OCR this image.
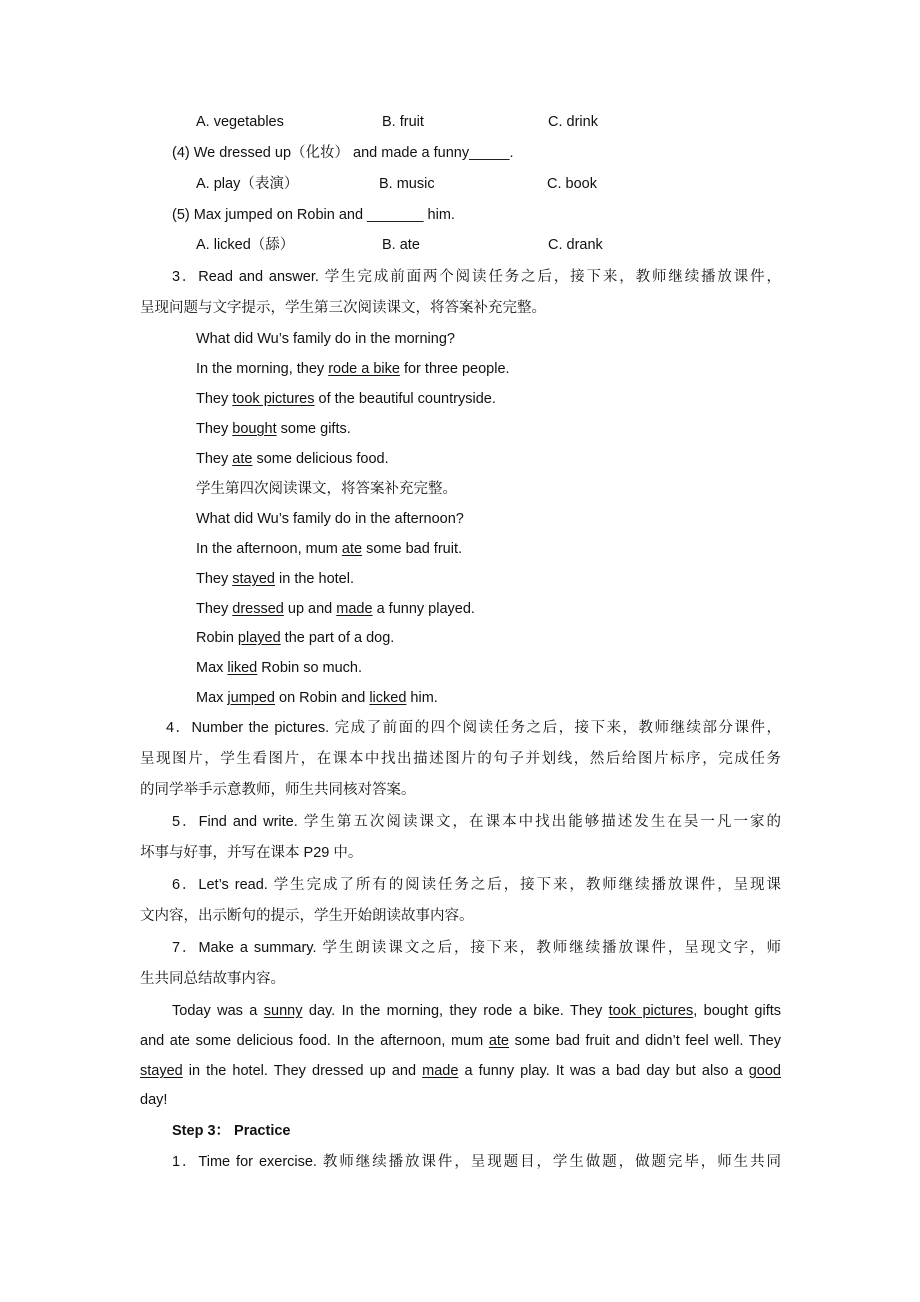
A. vegetables	B. fruit	C. drink
(4) We dressed up（化妆） and made a funny_____.
A. play（表演）	B. music	C. book
(5) Max jumped on Robin and _______ him.
A. licked（舔）	B. ate	C. drank
3．Read and answer. 学生完成前面两个阅读任务之后，接下来，教师继续播放课件，
呈现问题与文字提示，学生第三次阅读课文，将答案补充完整。
What did Wu’s family do in the morning?
In the morning, they rode a bike for three people.
They took pictures of the beautiful countryside.
They bought some gifts.
They ate some delicious food.
学生第四次阅读课文，将答案补充完整。
What did Wu’s family do in the afternoon?
In the afternoon, mum ate some bad fruit.
They stayed in the hotel.
They dressed up and made a funny played.
Robin played the part of a dog.
Max liked Robin so much.
Max jumped on Robin and licked him.
4．Number the pictures. 完成了前面的四个阅读任务之后，接下来，教师继续部分课件，
呈现图片，学生看图片，在课本中找出描述图片的句子并划线，然后给图片标序，完成任务
的同学举手示意教师，师生共同核对答案。
5．Find and write. 学生第五次阅读课文，在课本中找出能够描述发生在吴一凡一家的
坏事与好事，并写在课本 P29 中。
6．Let’s read. 学生完成了所有的阅读任务之后，接下来，教师继续播放课件，呈现课
文内容，出示断句的提示，学生开始朗读故事内容。
7．Make a summary. 学生朗读课文之后，接下来，教师继续播放课件，呈现文字，师
生共同总结故事内容。
Today was a sunny day. In the morning, they rode a bike. They took pictures, bought gifts
and ate some delicious food. In the afternoon, mum ate some bad fruit and didn’t feel well. They
stayed in the hotel. They dressed up and made a funny play. It was a bad day but also a good
day!
Step 3： Practice
1．Time for exercise. 教师继续播放课件，呈现题目，学生做题，做题完毕，师生共同
